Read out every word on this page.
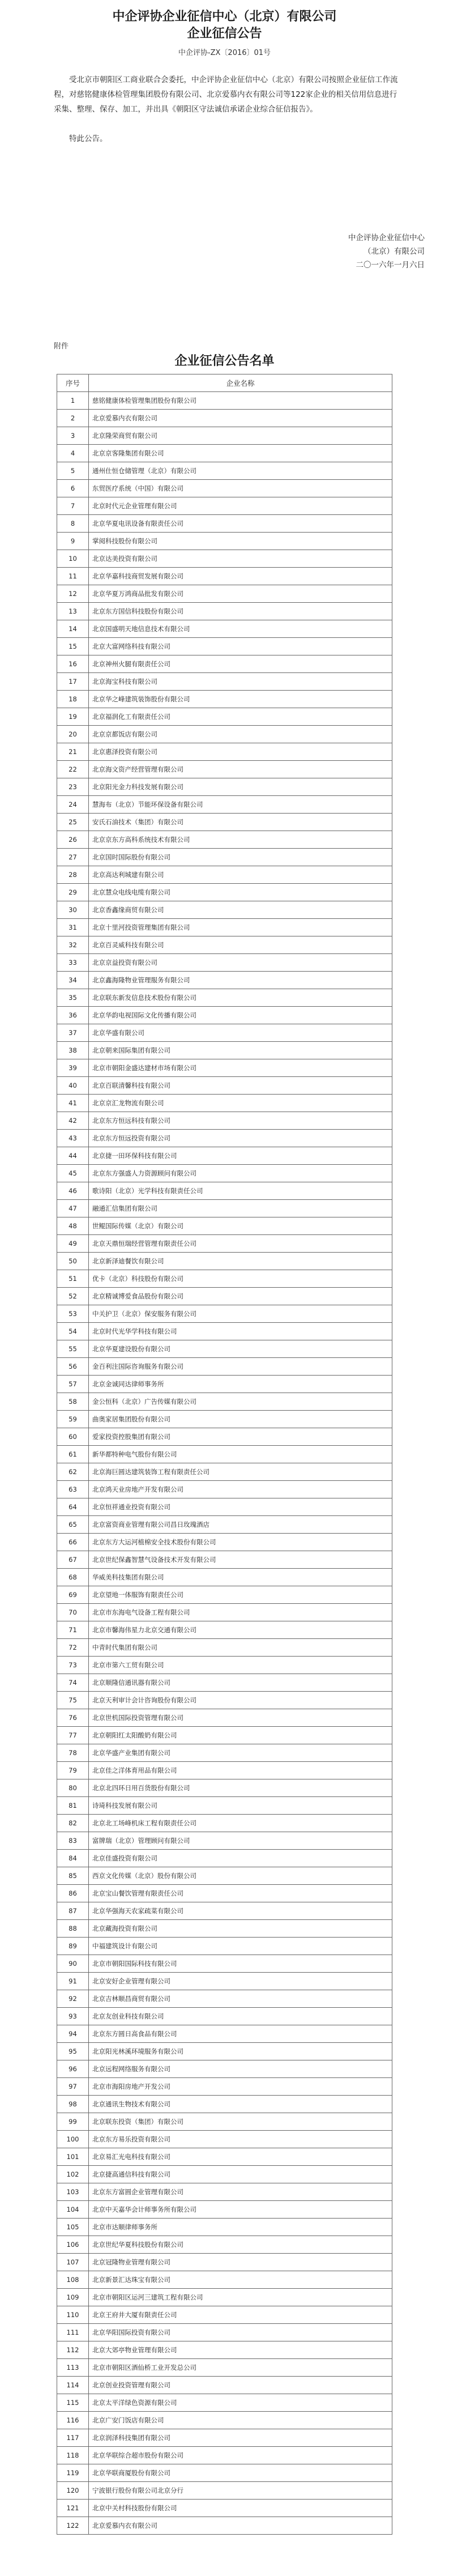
中企评协企业征信中心（北京）有限公司
企业征信公告
中企评协-ZX〔2016〕01号
受北京市朝阳区工商业联合会委托，中企评协企业征信中心（北京）有限公司按照企业征信工作流程，对慈铭健康体检管理集团股份有限公司、北京爱慕内衣有限公司等122家企业的相关信用信息进行采集、整理、保存、加工，并出具《朝阳区守法诚信承诺企业综合征信报告》。
特此公告。
中企评协企业征信中心
（北京）有限公司
二〇一六年一月六日
附件
企业征信公告名单
序号	企业名称
1	慈铭健康体检管理集团股份有限公司
2	北京爱慕内衣有限公司
3	北京隆荣商贸有限公司
4	北京京客隆集团有限公司
5	通州仕恒仓储管理（北京）有限公司
6	东贸医疗系统（中国）有限公司
7	北京时代元企业管理有限公司
8	北京华夏电讯设备有限责任公司
9	掌阅科技股份有限公司
10	北京达美投资有限公司
11	北京华嘉科技商贸发展有限公司
12	北京华夏万鸿商品批发有限公司
13	北京东方国信科技股份有限公司
14	北京国盛明天地信息技术有限公司
15	北京大富网络科技有限公司
16	北京神州火腿有限责任公司
17	北京海宝科技有限公司
18	北京华之峰建筑装饰股份有限公司
19	北京福润化工有限责任公司
20	北京京都饭店有限公司
21	北京惠泽投资有限公司
22	北京海文资产经营管理有限公司
23	北京阳光金力科技发展有限公司
24	慧海布（北京）节能环保设备有限公司
25	安氏石油技术（集团）有限公司
26	北京京东方高科系统技术有限公司
27	北京国时国际股份有限公司
28	北京高达利城建有限公司
29	北京慧众电线电缆有限公司
30	北京香鑫缘商贸有限公司
31	北京十里河投资管理集团有限公司
32	北京百灵威科技有限公司
33	北京京益投资有限公司
34	北京鑫海隆物业管理服务有限公司
35	北京联东新发信息技术股份有限公司
36	北京华韵电视国际文化传播有限公司
37	北京华盛有限公司
38	北京朝来国际集团有限公司
39	北京市朝阳金盛达建材市场有限公司
40	北京百联清馨科技有限公司
41	北京京汇龙物流有限公司
42	北京东方恒远科技有限公司
43	北京东方恒远投资有限公司
44	北京捷一田环保科技有限公司
45	北京东方强盛人力资源顾问有限公司
46	歌诗阳（北京）光学科技有限责任公司
47	融通汇信集团有限公司
48	世鲲国际传媒（北京）有限公司
49	北京天鼎恒瑞经营管理有限责任公司
50	北京新泽迪餐饮有限公司
51	优卡（北京）科技股份有限公司
52	北京精诚博爱食品股份有限公司
53	中关护卫（北京）保安服务有限公司
54	北京时代光华学科技有限公司
55	北京华夏建设股份有限公司
56	金百利注国际咨询服务有限公司
57	北京金诚同达律师事务所
58	金公恒科（北京）广告传媒有限公司
59	曲奥家居集团股份有限公司
60	爱家投资控股集团有限公司
61	新华都特种电气股份有限公司
62	北京海巨圆达建筑装饰工程有限责任公司
63	北京鸿天业房地产开发有限公司
64	北京恒祥通业投资有限公司
65	北京富资商业管理有限公司昌日玫瑰酒店
66	北京东方大运河植棉安全技术股份有限公司
67	北京世纪保鑫智慧气设备技术开发有限公司
68	华威美科技集团有限公司
69	北京望地一体服饰有限责任公司
70	北京市东海电气设备工程有限公司
71	北京市馨海伟星力北京交通有限公司
72	中青时代集团有限公司
73	北京市第六工贸有限公司
74	北京顺隆信通讯器有限公司
75	北京天利审计会计咨询股份有限公司
76	北京世机国际投资管理有限公司
77	北京朝阳红太阳酸奶有限公司
78	北京华盛产业集团有限公司
79	北京佳之洋体育用品有限公司
80	北京北四环日用百货股份有限公司
81	诗琦科技发展有限公司
82	北京北工场峰机床工程有限责任公司
83	富牌瑞（北京）管理顾问有限公司
84	北京佳盛投资有限公司
85	西京文化传媒（北京）股份有限公司
86	北京宝山餐饮管理有限责任公司
87	北京华强海天农家疏菜有限公司
88	北京藏海投资有限公司
89	中福建筑设计有限公司
90	北京市朝阳国际科技有限公司
91	北京安好企业管理有限公司
92	北京吉林顺昌商贸有限公司
93	北京友创业科技有限公司
94	北京东方圆日高食品有限公司
95	北京阳光林溪环境服务有限公司
96	北京远程网络服务有限公司
97	北京市海阳房地产开发公司
98	北京通讯生物技术有限公司
99	北京联东投资（集团）有限公司
100	北京东方易乐投资有限公司
101	北京易汇光电科技有限公司
102	北京捷高通信科技有限公司
103	北京东方富圆企业管理有限公司
104	北京中天嘉华会计师事务所有限公司
105	北京市达顺律师事务所
106	北京世纪华夏科技股份有限公司
107	北京冠隆物业管理有限公司
108	北京新景汇达珠宝有限公司
109	北京市朝阳区运河三建筑工程有限公司
110	北京王府井大厦有限责任公司
111	北京华阳国际投资有限公司
112	北京大郊亭物业管理有限公司
113	北京市朝阳区酒仙桥工业开发总公司
114	北京创业投资管理有限公司
115	北京太平洋绿色资源有限公司
116	北京广安门饭店有限公司
117	北京润泽科技集团有限公司
118	北京华联综合超市股份有限公司
119	北京华联商厦股份有限公司
120	宁波银行股份有限公司北京分行
121	北京中关村科技股份有限公司
122	北京爱慕内衣有限公司
